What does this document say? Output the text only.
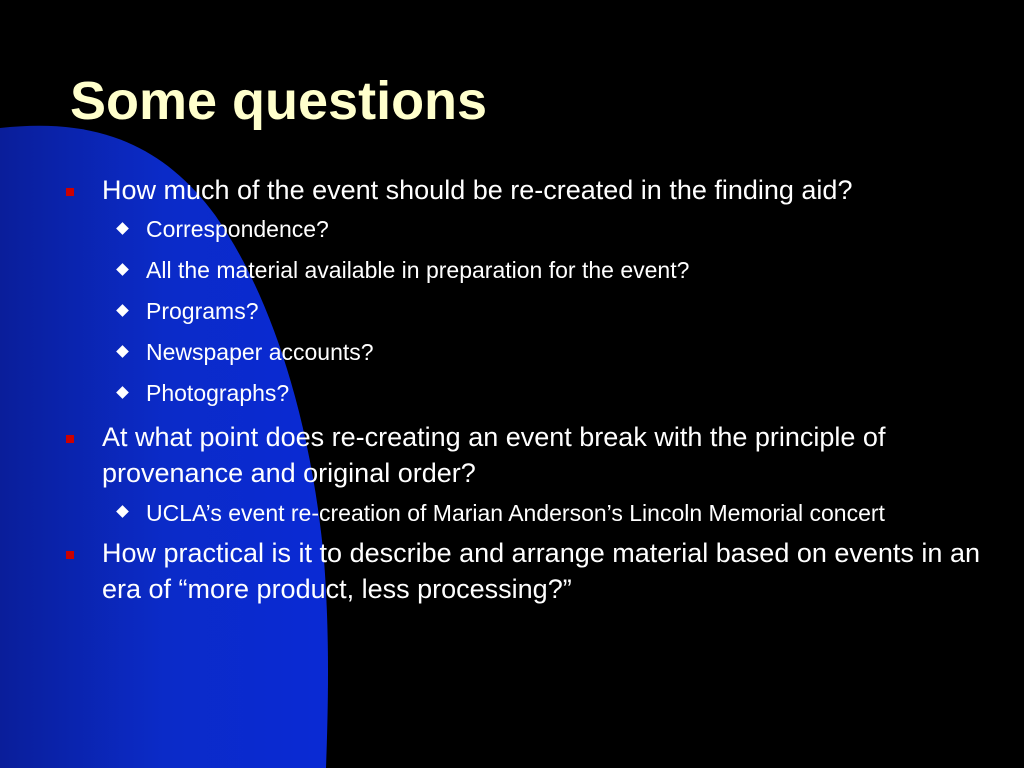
Some questions
How much of the event should be re-created in the finding aid?
Correspondence?
All the material available in preparation for the event?
Programs?
Newspaper accounts?
Photographs?
At what point does re-creating an event break with the principle of provenance and original order?
UCLA’s event re-creation of Marian Anderson’s Lincoln Memorial concert
How practical is it to describe and arrange material based on events in an era of “more product, less processing?”
